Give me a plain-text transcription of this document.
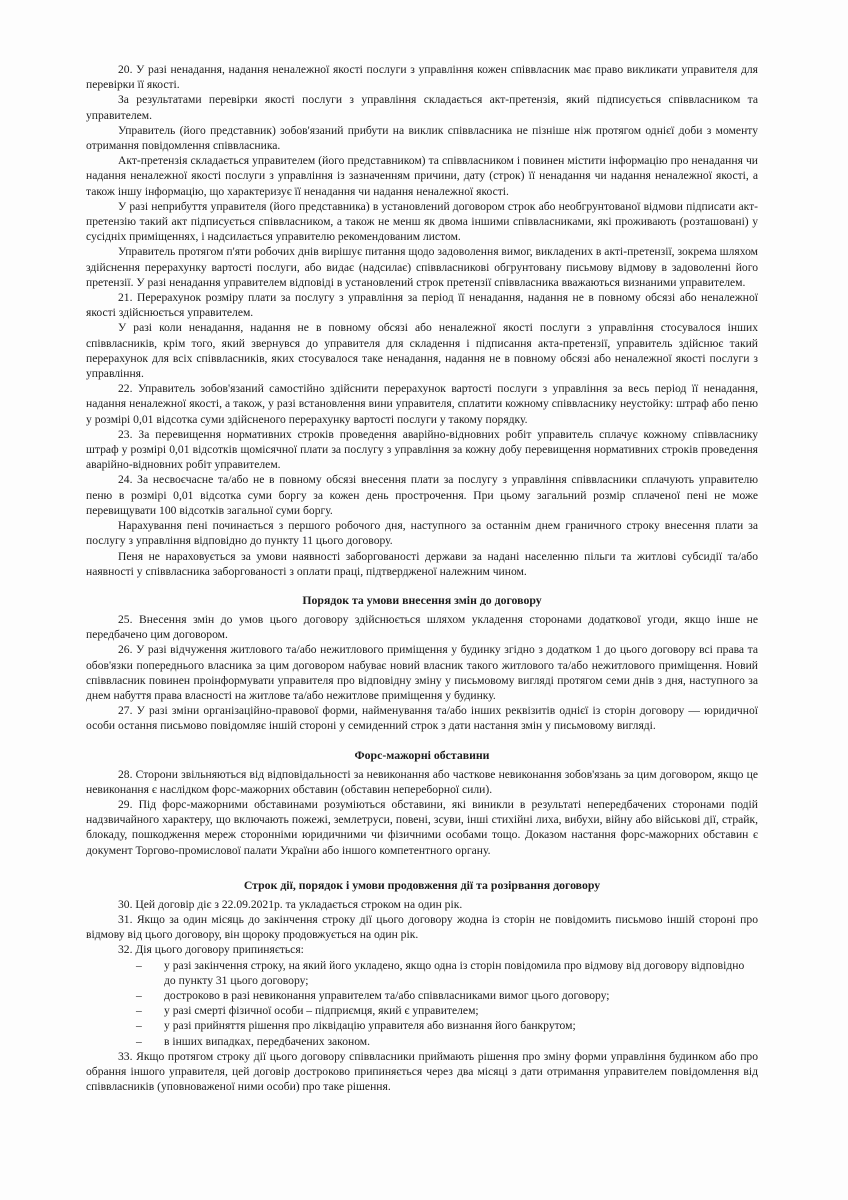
20. У разі ненадання, надання неналежної якості послуги з управління кожен співвласник має право викликати управителя для перевірки її якості.

За результатами перевірки якості послуги з управління складається акт-претензія, який підписується співвласником та управителем.

Управитель (його представник) зобов'язаний прибути на виклик співвласника не пізніше ніж протягом однієї доби з моменту отримання повідомлення співвласника.

Акт-претензія складається управителем (його представником) та співвласником і повинен містити інформацію про ненадання чи надання неналежної якості послуги з управління із зазначенням причини, дату (строк) її ненадання чи надання неналежної якості, а також іншу інформацію, що характеризує її ненадання чи надання неналежної якості.

У разі неприбуття управителя (його представника) в установлений договором строк або необгрунтованої відмови підписати акт-претензію такий акт підписується співвласником, а також не менш як двома іншими співвласниками, які проживають (розташовані) у сусідніх приміщеннях, і надсилається управителю рекомендованим листом.

Управитель протягом п'яти робочих днів вирішує питання щодо задоволення вимог, викладених в акті-претензії, зокрема шляхом здійснення перерахунку вартості послуги, або видає (надсилає) співвласникові обгрунтовану письмову відмову в задоволенні його претензії. У разі ненадання управителем відповіді в установлений строк претензії співвласника вважаються визнаними управителем.

21. Перерахунок розміру плати за послугу з управління за період її ненадання, надання не в повному обсязі або неналежної якості здійснюється управителем.

У разі коли ненадання, надання не в повному обсязі або неналежної якості послуги з управління стосувалося інших співвласників, крім того, який звернувся до управителя для складення і підписання акта-претензії, управитель здійснює такий перерахунок для всіх співвласників, яких стосувалося таке ненадання, надання не в повному обсязі або неналежної якості послуги з управління.

22. Управитель зобов'язаний самостійно здійснити перерахунок вартості послуги з управління за весь період її ненадання, надання неналежної якості, а також, у разі встановлення вини управителя, сплатити кожному співвласнику неустойку: штраф або пеню у розмірі 0,01 відсотка суми здійсненого перерахунку вартості послуги у такому порядку.

23. За перевищення нормативних строків проведення аварійно-відновних робіт управитель сплачує кожному співвласнику штраф у розмірі 0,01 відсотків щомісячної плати за послугу з управління за кожну добу перевищення нормативних строків проведення аварійно-відновних робіт управителем.

24. За несвоєчасне та/або не в повному обсязі внесення плати за послугу з управління співвласники сплачують управителю пеню в розмірі 0,01 відсотка суми боргу за кожен день прострочення. При цьому загальний розмір сплаченої пені не може перевищувати 100 відсотків загальної суми боргу.

Нарахування пені починається з першого робочого дня, наступного за останнім днем граничного строку внесення плати за послугу з управління відповідно до пункту 11 цього договору.

Пеня не нараховується за умови наявності заборгованості держави за надані населенню пільги та житлові субсидії та/або наявності у співвласника заборгованості з оплати праці, підтвердженої належним чином.

Порядок та умови внесення змін до договору

25. Внесення змін до умов цього договору здійснюється шляхом укладення сторонами додаткової угоди, якщо інше не передбачено цим договором.

26. У разі відчуження житлового та/або нежитлового приміщення у будинку згідно з додатком 1 до цього договору всі права та обов'язки попереднього власника за цим договором набуває новий власник такого житлового та/або нежитлового приміщення. Новий співвласник повинен проінформувати управителя про відповідну зміну у письмовому вигляді протягом семи днів з дня, наступного за днем набуття права власності на житлове та/або нежитлове приміщення у будинку.

27. У разі зміни організаційно-правової форми, найменування та/або інших реквізитів однієї із сторін договору — юридичної особи остання письмово повідомляє іншій стороні у семиденний строк з дати настання змін у письмовому вигляді.

Форс-мажорні обставини

28. Сторони звільняються від відповідальності за невиконання або часткове невиконання зобов'язань за цим договором, якщо це невиконання є наслідком форс-мажорних обставин (обставин непереборної сили).

29. Під форс-мажорними обставинами розуміються обставини, які виникли в результаті непередбачених сторонами подій надзвичайного характеру, що включають пожежі, землетруси, повені, зсуви, інші стихійні лиха, вибухи, війну або військові дії, страйк, блокаду, пошкодження мереж сторонніми юридичними чи фізичними особами тощо. Доказом настання форс-мажорних обставин є документ Торгово-промислової палати України або іншого компетентного органу.

Строк дії, порядок і умови продовження дії та розірвання договору

30. Цей договір діє з 22.09.2021р. та укладається строком на один рік.

31. Якщо за один місяць до закінчення строку дії цього договору жодна із сторін не повідомить письмово іншій стороні про відмову від цього договору, він щороку продовжується на один рік.

32. Дія цього договору припиняється:

– у разі закінчення строку, на який його укладено, якщо одна із сторін повідомила про відмову від договору відповідно до пункту 31 цього договору;
– достроково в разі невиконання управителем та/або співвласниками вимог цього договору;
– у разі смерті фізичної особи – підприємця, який є управителем;
– у разі прийняття рішення про ліквідацію управителя або визнання його банкрутом;
– в інших випадках, передбачених законом.

33. Якщо протягом строку дії цього договору співвласники приймають рішення про зміну форми управління будинком або про обрання іншого управителя, цей договір достроково припиняється через два місяці з дати отримання управителем повідомлення від співвласників (уповноваженої ними особи) про таке рішення.
